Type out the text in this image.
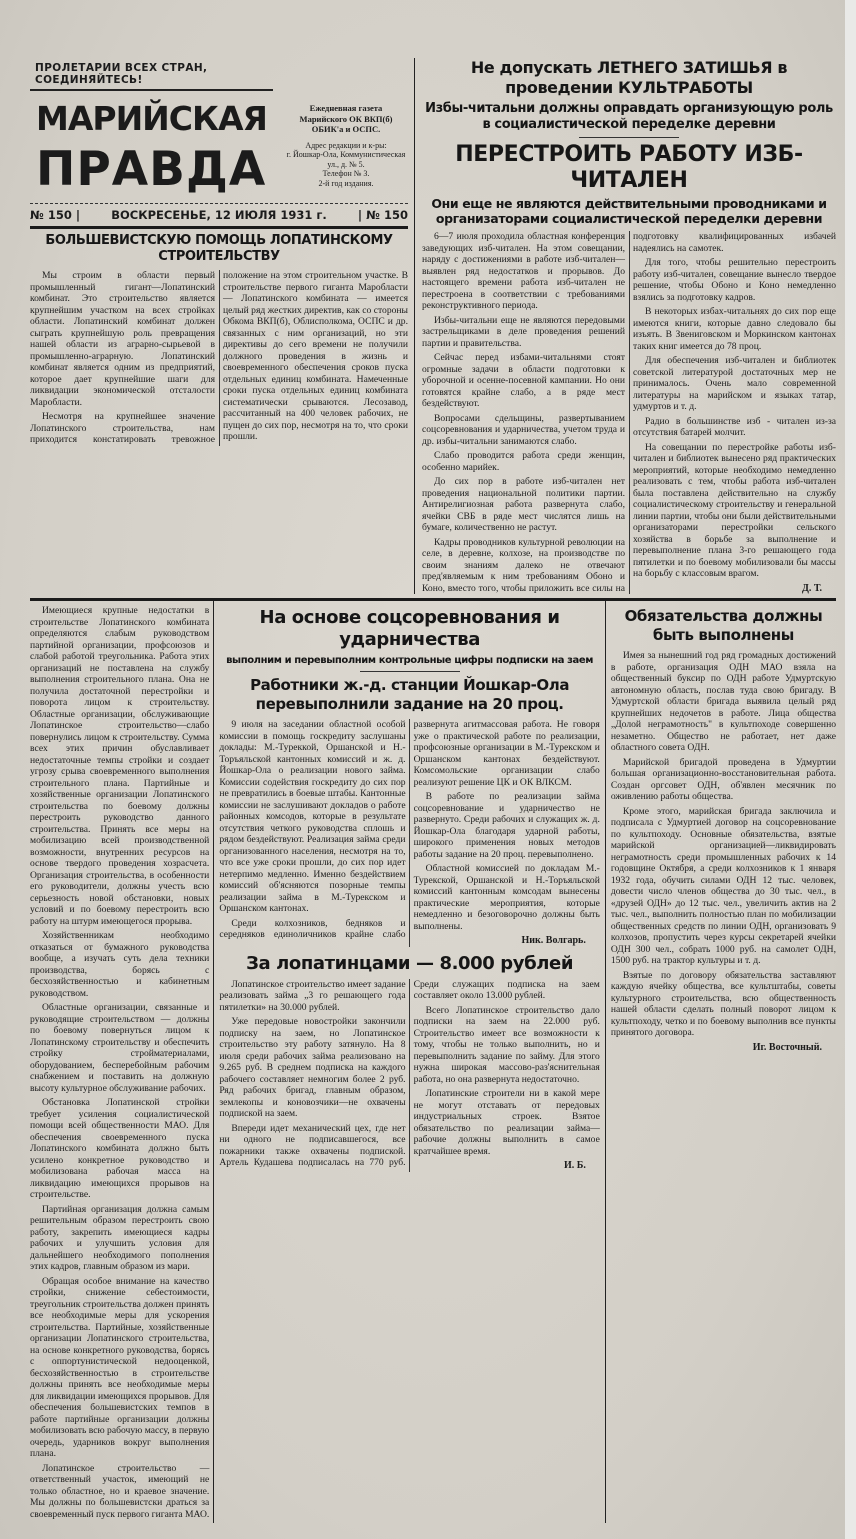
ПРОЛЕТАРИИ ВСЕХ СТРАН, СОЕДИНЯЙТЕСЬ!
МАРИЙСКАЯ
ПРАВДА
Ежедневная газета
Марийского ОК ВКП(б)
ОБИК'а и ОСПС.
Адрес редакции и к-ры:
г. Йошкар-Ола, Коммунистическая ул., д. № 5.
Телефон № 3.
2-й год издания.
№ 150 |	ВОСКРЕСЕНЬЕ, 12 ИЮЛЯ 1931 г.	| № 150
БОЛЬШЕВИСТСКУЮ ПОМОЩЬ ЛОПАТИНСКОМУ СТРОИТЕЛЬСТВУ

Мы строим в области первый промышленный гигант—Лопатинский комбинат. Это строительство является крупнейшим участком на всех стройках области. Лопатинский комбинат должен сыграть крупнейшую роль превращения нашей области из аграрно-сырьевой в промышленно-аграрную. Лопатинский комбинат является одним из предприятий, которое дает крупнейшие шаги для ликвидации экономической отсталости Маробласти.

Несмотря на крупнейшее значение Лопатинского строительства, нам приходится констатировать тревожное положение на этом строительном участке. В строительстве первого гиганта Маробласти — Лопатинского комбината — имеется целый ряд жестких директив, как со стороны Обкома ВКП(б), Облисполкома, ОСПС и др. связанных с ним организаций, но эти директивы до сего времени не получили должного проведения в жизнь и своевременного обеспечения сроков пуска отдельных единиц комбината. Намеченные сроки пуска отдельных единиц комбината систематически срываются. Лесозавод, рассчитанный на 400 человек рабочих, не пущен до сих пор, несмотря на то, что сроки прошли.

Не допускать ЛЕТНЕГО ЗАТИШЬЯ в проведении КУЛЬТРАБОТЫ
Избы-читальни должны оправдать организующую роль в социалистической переделке деревни
ПЕРЕСТРОИТЬ РАБОТУ ИЗБ-ЧИТАЛЕН
Они еще не являются действительными проводниками и организаторами социалистической переделки деревни

6—7 июля проходила областная конференция заведующих изб-читален. На этом совещании, наряду с достижениями в работе изб-читален—выявлен ряд недостатков и прорывов. До настоящего времени работа изб-читален не перестроена в соответствии с требованиями реконструктивного периода.

Избы-читальни еще не являются передовыми застрельщиками в деле проведения решений партии и правительства.

Сейчас перед избами-читальнями стоят огромные задачи в области подготовки к уборочной и осенне-посевной кампании. Но они готовятся крайне слабо, а в ряде мест бездействуют.

Вопросами сдельщины, развертыванием соцсоревнования и ударничества, учетом труда и др. избы-читальни занимаются слабо.

Слабо проводится работа среди женщин, особенно марийек.

До сих пор в работе изб-читален нет проведения национальной политики партии. Антирелигиозная работа развернута слабо, ячейки СВБ в ряде мест числятся лишь на бумаге, количественно не растут.

Кадры проводников культурной революции на селе, в деревне, колхозе, на производстве по своим знаниям далеко не отвечают пред'являемым к ним требованиям Обоно и Коно, вместо того, чтобы приложить все силы на подготовку квалифицированных избачей надеялись на самотек.

Для того, чтобы решительно перестроить работу изб-читален, совещание вынесло твердое решение, чтобы Обоно и Коно немедленно взялись за подготовку кадров.

В некоторых избах-читальнях до сих пор еще имеются книги, которые давно следовало бы изъять. В Звениговском и Моркинском кантонах таких книг имеется до 78 проц.

Для обеспечения изб-читален и библиотек советской литературой достаточных мер не принималось. Очень мало современной литературы на марийском и языках татар, удмуртов и т. д.

Радио в большинстве изб - читален из-за отсутствия батарей молчит.

На совещании по перестройке работы изб-читален и библиотек вынесено ряд практических мероприятий, которые необходимо немедленно реализовать с тем, чтобы работа изб-читален была поставлена действительно на службу социалистическому строительству и генеральной линии партии, чтобы они были действительными организаторами перестройки сельского хозяйства в борьбе за выполнение и перевыполнение плана 3-го решающего года пятилетки и по боевому мобилизовали бы массы на борьбу с классовым врагом.

Д. Т.

Имеющиеся крупные недостатки в строительстве Лопатинского комбината определяются слабым руководством партийной организации, профсоюзов и слабой работой треугольника. Работа этих организаций не поставлена на службу выполнения строительного плана. Она не получила достаточной перестройки и поворота лицом к строительству. Областные организации, обслуживающие Лопатинское строительство—слабо повернулись лицом к строительству. Сумма всех этих причин обуславливает недостаточные темпы стройки и создает угрозу срыва своевременного выполнения строительного плана. Партийные и хозяйственные организации Лопатинского строительства по боевому должны перестроить руководство данного строительства. Принять все меры на мобилизацию всей производственной возможности, внутренних ресурсов на основе твердого проведения хозрасчета. Организация строительства, в особенности его руководители, должны учесть всю серьезность новой обстановки, новых условий и по боевому перестроить всю работу на штурм имеющегося прорыва.

Хозяйственникам необходимо отказаться от бумажного руководства вообще, а изучать суть дела техники производства, борясь с бесхозяйственностью и кабинетным руководством.

Областные организации, связанные и руководящие строительством — должны по боевому повернуться лицом к Лопатинскому строительству и обеспечить стройку стройматериалами, оборудованием, бесперебойным рабочим снабжением и поставить на должную высоту культурное обслуживание рабочих.

Обстановка Лопатинской стройки требует усиления социалистической помощи всей общественности МАО. Для обеспечения своевременного пуска Лопатинского комбината должно быть усилено конкретное руководство и мобилизована рабочая масса на ликвидацию имеющихся прорывов на строительстве.

Партийная организация должна самым решительным образом перестроить свою работу, закрепить имеющиеся кадры рабочих и улучшить условия для дальнейшего необходимого пополнения этих кадров, главным образом из мари.

Обращая особое внимание на качество стройки, снижение себестоимости, треугольник строительства должен принять все необходимые меры для ускорения строительства. Партийные, хозяйственные организации Лопатинского строительства, на основе конкретного руководства, борясь с оппортунистической недооценкой, бесхозяйственностью в строительстве должны принять все необходимые меры для ликвидации имеющихся прорывов. Для обеспечения большевистских темпов в работе партийные организации должны мобилизовать всю рабочую массу, в первую очередь, ударников вокруг выполнения плана.

Лопатинское строительство — ответственный участок, имеющий не только областное, но и краевое значение. Мы должны по большевистски драться за своевременный пуск первого гиганта МАО.

На основе соцсоревнования и ударничества
выполним и перевыполним контрольные цифры подписки на заем
Работники ж.-д. станции Йошкар-Ола перевыполнили задание на 20 проц.

9 июля на заседании областной особой комиссии в помощь госкредиту заслушаны доклады: М.-Туреккой, Оршанской и Н.-Торъяльской кантонных комиссий и ж. д. Йошкар-Ола о реализации нового займа. Комиссии содействия госкредиту до сих пор не превратились в боевые штабы. Кантонные комиссии не заслушивают докладов о работе районных комсодов, которые в результате отсутствия четкого руководства сплошь и рядом бездействуют. Реализация займа среди организованного населения, несмотря на то, что все уже сроки прошли, до сих пор идет нетерпимо медленно. Именно бездействием комиссий об'ясняются позорные темпы реализации займа в М.-Турекском и Оршанском кантонах.

Среди колхозников, бедняков и середняков единоличников крайне слабо развернута агитмассовая работа. Не говоря уже о практической работе по реализации, профсоюзные организации в М.-Турекском и Оршанском кантонах бездействуют. Комсомольские организации слабо реализуют решение ЦК и ОК ВЛКСМ.

В работе по реализации займа соцсоревнование и ударничество не развернуто. Среди рабочих и служащих ж. д. Йошкар-Ола благодаря ударной работы, широкого применения новых методов работы задание на 20 проц. перевыполнено.

Областной комиссией по докладам М.-Турекской, Оршанской и Н.-Торъяльской комиссий кантонным комсодам вынесены практические мероприятия, которые немедленно и безоговорочно должны быть выполнены.

Ник. Волгарь.
За лопатинцами — 8.000 рублей

Лопатинское строительство имеет задание реализовать займа „3 го решающего года пятилетки» на 30.000 рублей.

Уже передовые новостройки закончили подписку на заем, но Лопатинское строительство эту работу затянуло. На 8 июля среди рабочих займа реализовано на 9.265 руб. В среднем подписка на каждого рабочего составляет немногим более 2 руб. Ряд рабочих бригад, главным образом, землекопы и коновозчики—не охвачены подпиской на заем.

Впереди идет механический цех, где нет ни одного не подписавшегося, все пожарники также охвачены подпиской. Артель Кудашева подписалась на 770 руб. Среди служащих подписка на заем составляет около 13.000 рублей.

Всего Лопатинское строительство дало подписки на заем на 22.000 руб. Строительство имеет все возможности к тому, чтобы не только выполнить, но и перевыполнить задание по займу. Для этого нужна широкая массово-раз'яснительная работа, но она развернута недостаточно.

Лопатинские строители ни в какой мере не могут отставать от передовых индустриальных строек. Взятое обязательство по реализации займа—рабочие должны выполнить в самое кратчайшее время.

И. Б.
Обязательства должны быть выполнены

Имея за нынешний год ряд громадных достижений в работе, организация ОДН МАО взяла на общественный буксир по ОДН работе Удмуртскую автономную область, послав туда свою бригаду. В Удмуртской области бригада выявила целый ряд крупнейших недочетов в работе. Лица общества „Долой неграмотность" в культпоходе совершенно незаметно. Общество не работает, нет даже областного совета ОДН.

Марийской бригадой проведена в Удмуртии большая организационно-восстановительная работа. Создан оргсовет ОДН, об'явлен месячник по оживлению работы общества.

Кроме этого, марийская бригада заключила и подписала с Удмуртией договор на соцсоревнование по культпоходу. Основные обязательства, взятые марийской организацией—ликвидировать неграмотность среди промышленных рабочих к 14 годовщине Октября, а среди колхозников к 1 января 1932 года, обучить силами ОДН 12 тыс. человек, довести число членов общества до 30 тыс. чел., в «друзей ОДН» до 12 тыс. чел., увеличить актив на 2 тыс. чел., выполнить полностью план по мобилизации общественных средств по линии ОДН, организовать 9 колхозов, пропустить через курсы секретарей ячейки ОДН 300 чел., собрать 1000 руб. на самолет ОДН, 1500 руб. на трактор культуры и т. д.

Взятые по договору обязательства заставляют каждую ячейку общества, все культштабы, советы культурного строительства, всю общественность нашей области сделать полный поворот лицом к культпоходу, четко и по боевому выполнив все пункты принятого договора.

Иг. Восточный.
